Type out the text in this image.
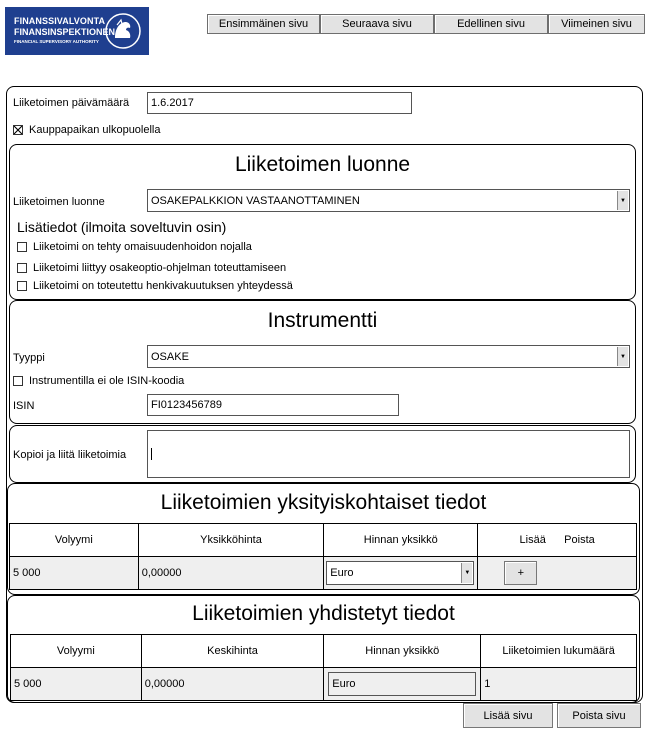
FINANSSIVALVONTA
FINANSINSPEKTIONEN
FINANCIAL SUPERVISORY AUTHORITY
Ensimmäinen sivu	Seuraava sivu	Edellinen sivu	Viimeinen sivu
Liiketoimen päivämäärä	1.6.2017
Kauppapaikan ulkopuolella
Liiketoimen luonne
Liiketoimen luonne	OSAKEPALKKION VASTAANOTTAMINEN	▼
Lisätiedot (ilmoita soveltuvin osin)
Liiketoimi on tehty omaisuudenhoidon nojalla
Liiketoimi liittyy osakeoptio-ohjelman toteuttamiseen
Liiketoimi on toteutettu henkivakuutuksen yhteydessä
Instrumentti
Tyyppi	OSAKE	▼
Instrumentilla ei ole ISIN-koodia
ISIN	FI0123456789
Kopioi ja liitä liiketoimia
Liiketoimien yksityiskohtaiset tiedot
Volyymi	Yksikköhinta	Hinnan yksikkö	Lisää Poista
5 000	0,00000	Euro ▼	+
Liiketoimien yhdistetyt tiedot
Volyymi	Keskihinta	Hinnan yksikkö	Liiketoimien lukumäärä
5 000	0,00000	Euro	1
Lisää sivu	Poista sivu
